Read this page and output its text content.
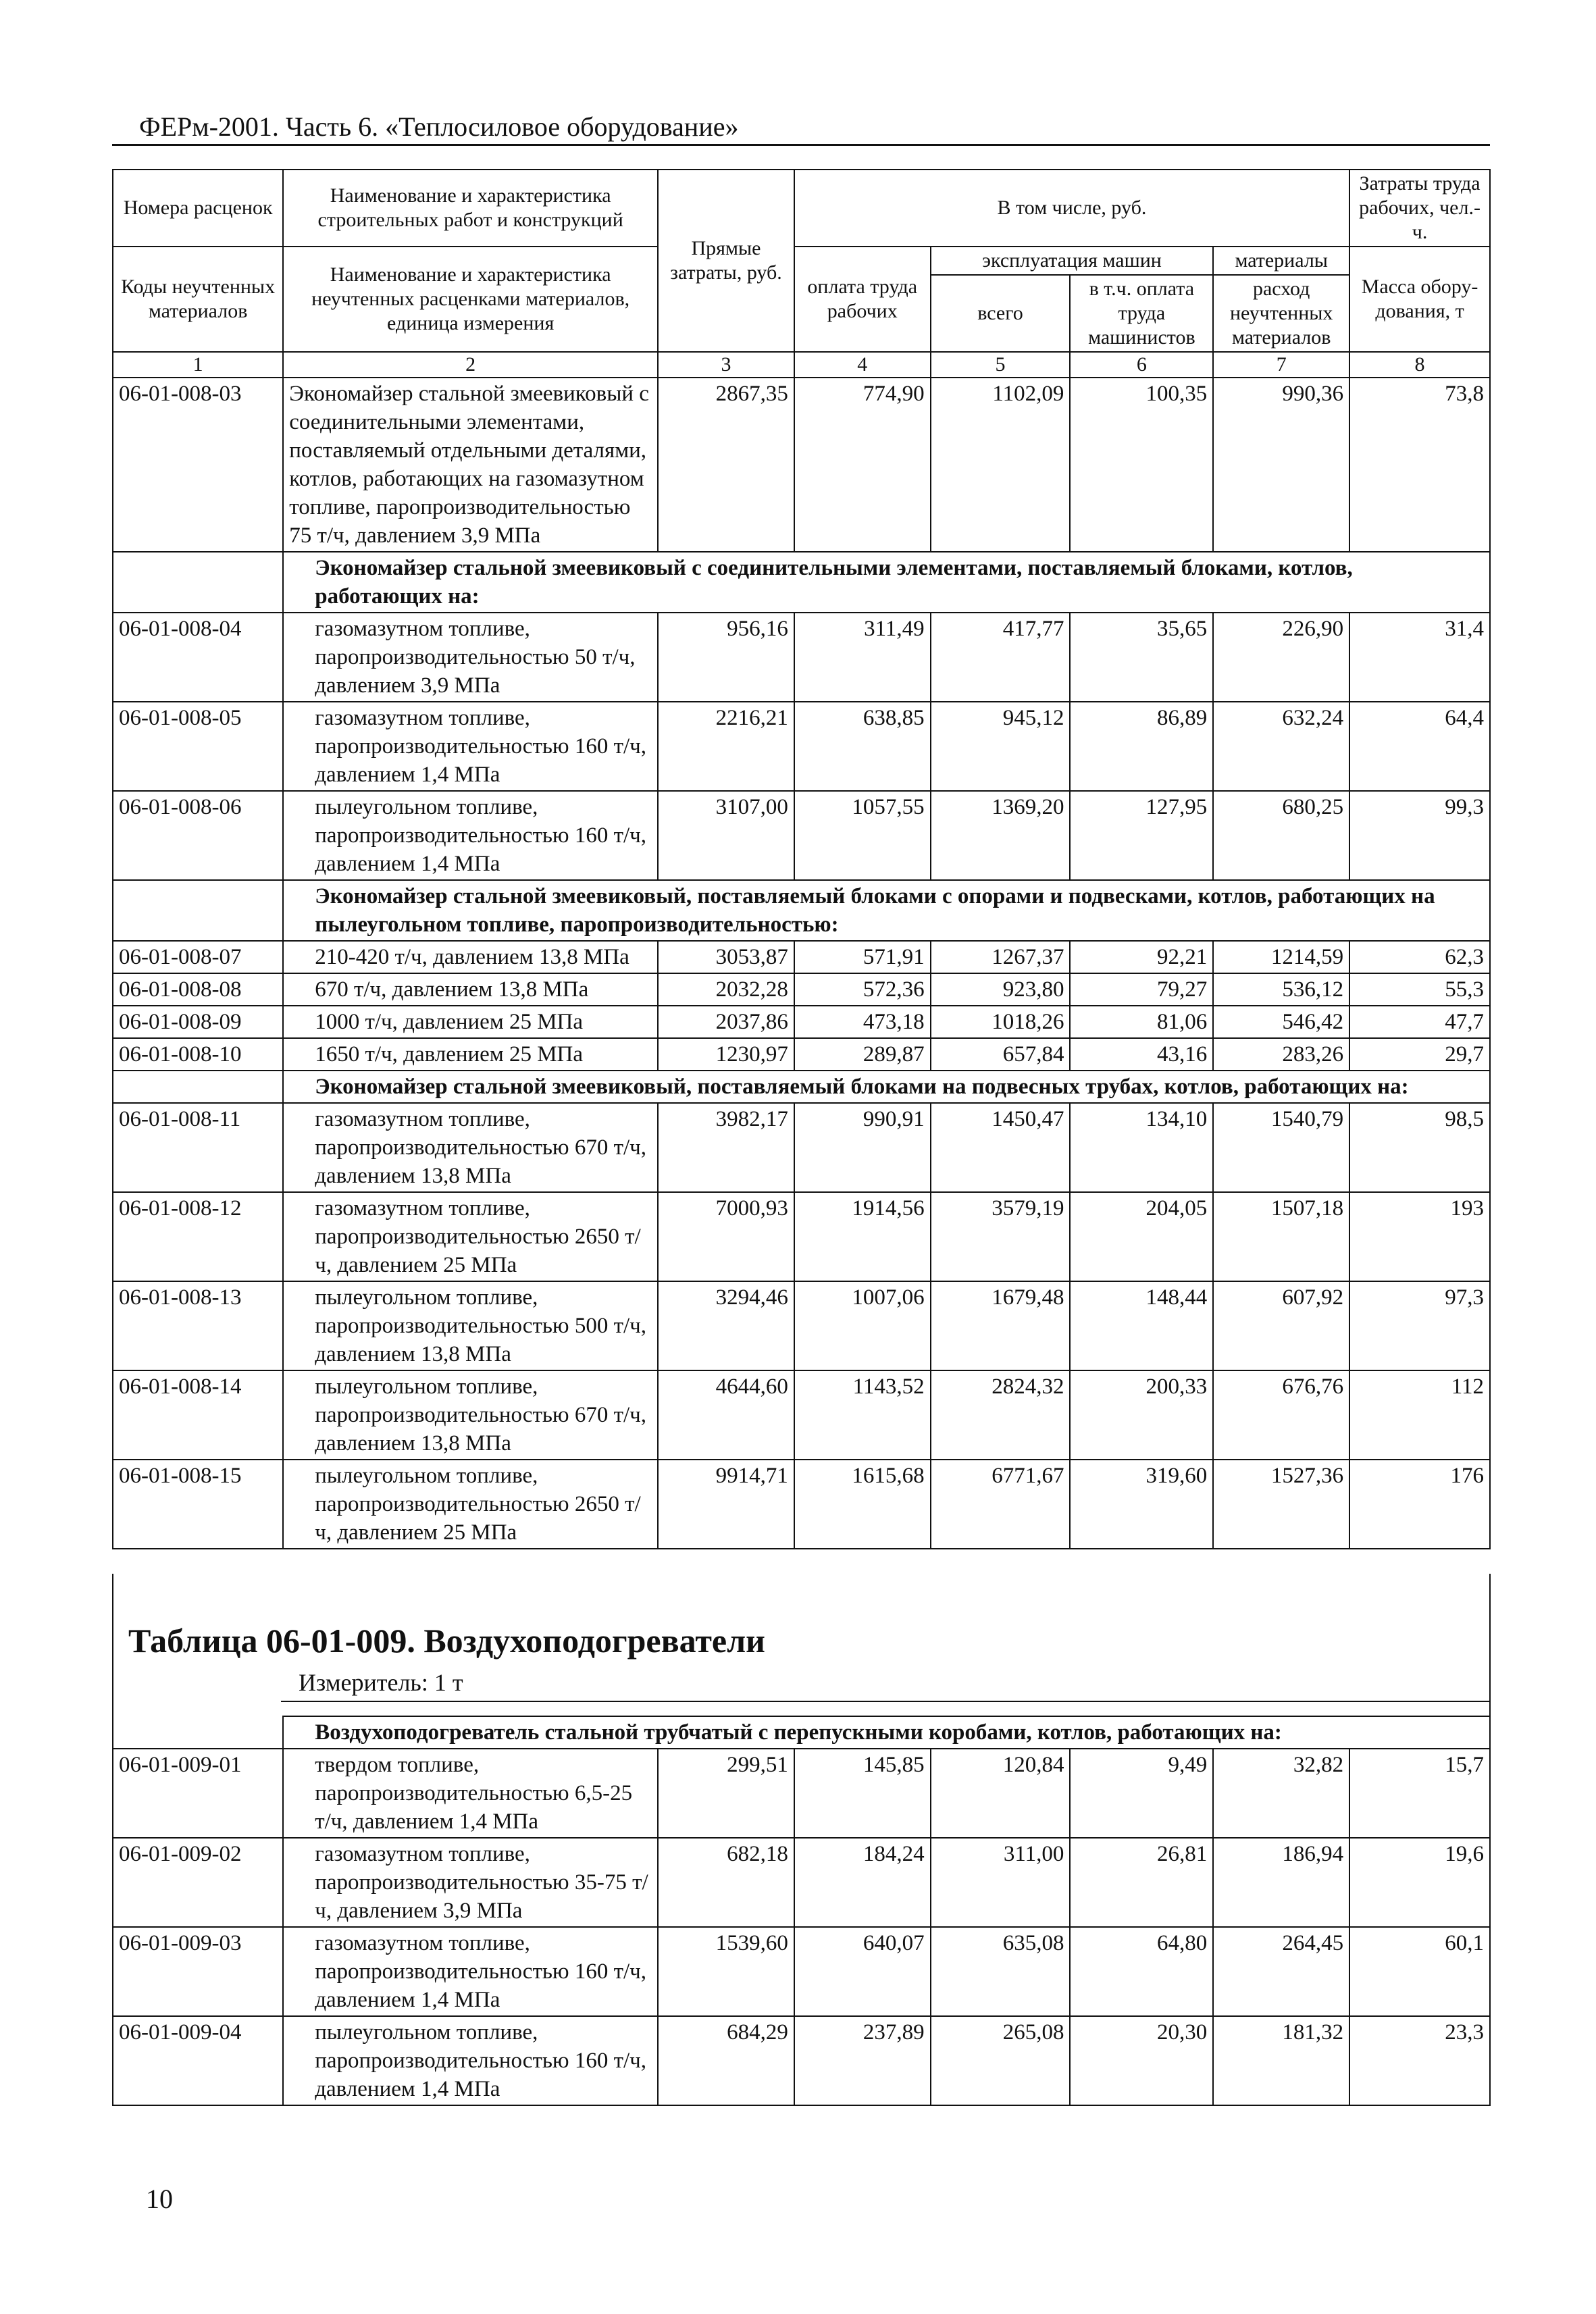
ФЕРм-2001. Часть 6. «Теплосиловое оборудование»
Номера расценок	Наименование и характеристика строительных работ и конструкций	Прямые затраты, руб.	В том числе, руб.				Затраты труда рабочих, чел.-ч.
Коды неучтенных материалов	Наименование и характеристика неучтенных расценками материалов, единица измерения		оплата труда рабочих	эксплуатация машин		материалы	Масса обору-дования, т
				всего	в т.ч. оплата труда машинистов	расход неучтенных материалов	
1	2	3	4	5	6	7	8
06-01-008-03	Экономайзер стальной змеевиковый с соединительными элементами, поставляемый отдельными деталями, котлов, работающих на газомазутном топливе, паропроизводительностью 75 т/ч, давлением 3,9 МПа	2867,35	774,90	1102,09	100,35	990,36	73,8
	Экономайзер стальной змеевиковый с соединительными элементами, поставляемый блоками, котлов, работающих на:						
06-01-008-04	газомазутном топливе, паропроизводительностью 50 т/ч, давлением 3,9 МПа	956,16	311,49	417,77	35,65	226,90	31,4
06-01-008-05	газомазутном топливе, паропроизводительностью 160 т/ч, давлением 1,4 МПа	2216,21	638,85	945,12	86,89	632,24	64,4
06-01-008-06	пылеугольном топливе, паропроизводительностью 160 т/ч, давлением 1,4 МПа	3107,00	1057,55	1369,20	127,95	680,25	99,3
	Экономайзер стальной змеевиковый, поставляемый блоками с опорами и подвесками, котлов, работающих на пылеугольном топливе, паропроизводительностью:						
06-01-008-07	210-420 т/ч, давлением 13,8 МПа	3053,87	571,91	1267,37	92,21	1214,59	62,3
06-01-008-08	670 т/ч, давлением 13,8 МПа	2032,28	572,36	923,80	79,27	536,12	55,3
06-01-008-09	1000 т/ч, давлением 25 МПа	2037,86	473,18	1018,26	81,06	546,42	47,7
06-01-008-10	1650 т/ч, давлением 25 МПа	1230,97	289,87	657,84	43,16	283,26	29,7
	Экономайзер стальной змеевиковый, поставляемый блоками на подвесных трубах, котлов, работающих на:						
06-01-008-11	газомазутном топливе, паропроизводительностью 670 т/ч, давлением 13,8 МПа	3982,17	990,91	1450,47	134,10	1540,79	98,5
06-01-008-12	газомазутном топливе, паропроизводительностью 2650 т/ч, давлением 25 МПа	7000,93	1914,56	3579,19	204,05	1507,18	193
06-01-008-13	пылеугольном топливе, паропроизводительностью 500 т/ч, давлением 13,8 МПа	3294,46	1007,06	1679,48	148,44	607,92	97,3
06-01-008-14	пылеугольном топливе, паропроизводительностью 670 т/ч, давлением 13,8 МПа	4644,60	1143,52	2824,32	200,33	676,76	112
06-01-008-15	пылеугольном топливе, паропроизводительностью 2650 т/ч, давлением 25 МПа	9914,71	1615,68	6771,67	319,60	1527,36	176
Таблица 06-01-009. Воздухоподогреватели
Измеритель: 1 т
	Воздухоподогреватель стальной трубчатый с перепускными коробами, котлов, работающих на:						
06-01-009-01	твердом топливе, паропроизводительностью 6,5-25 т/ч, давлением 1,4 МПа	299,51	145,85	120,84	9,49	32,82	15,7
06-01-009-02	газомазутном топливе, паропроизводительностью 35-75 т/ч, давлением 3,9 МПа	682,18	184,24	311,00	26,81	186,94	19,6
06-01-009-03	газомазутном топливе, паропроизводительностью 160 т/ч, давлением 1,4 МПа	1539,60	640,07	635,08	64,80	264,45	60,1
06-01-009-04	пылеугольном топливе, паропроизводительностью 160 т/ч, давлением 1,4 МПа	684,29	237,89	265,08	20,30	181,32	23,3
10
